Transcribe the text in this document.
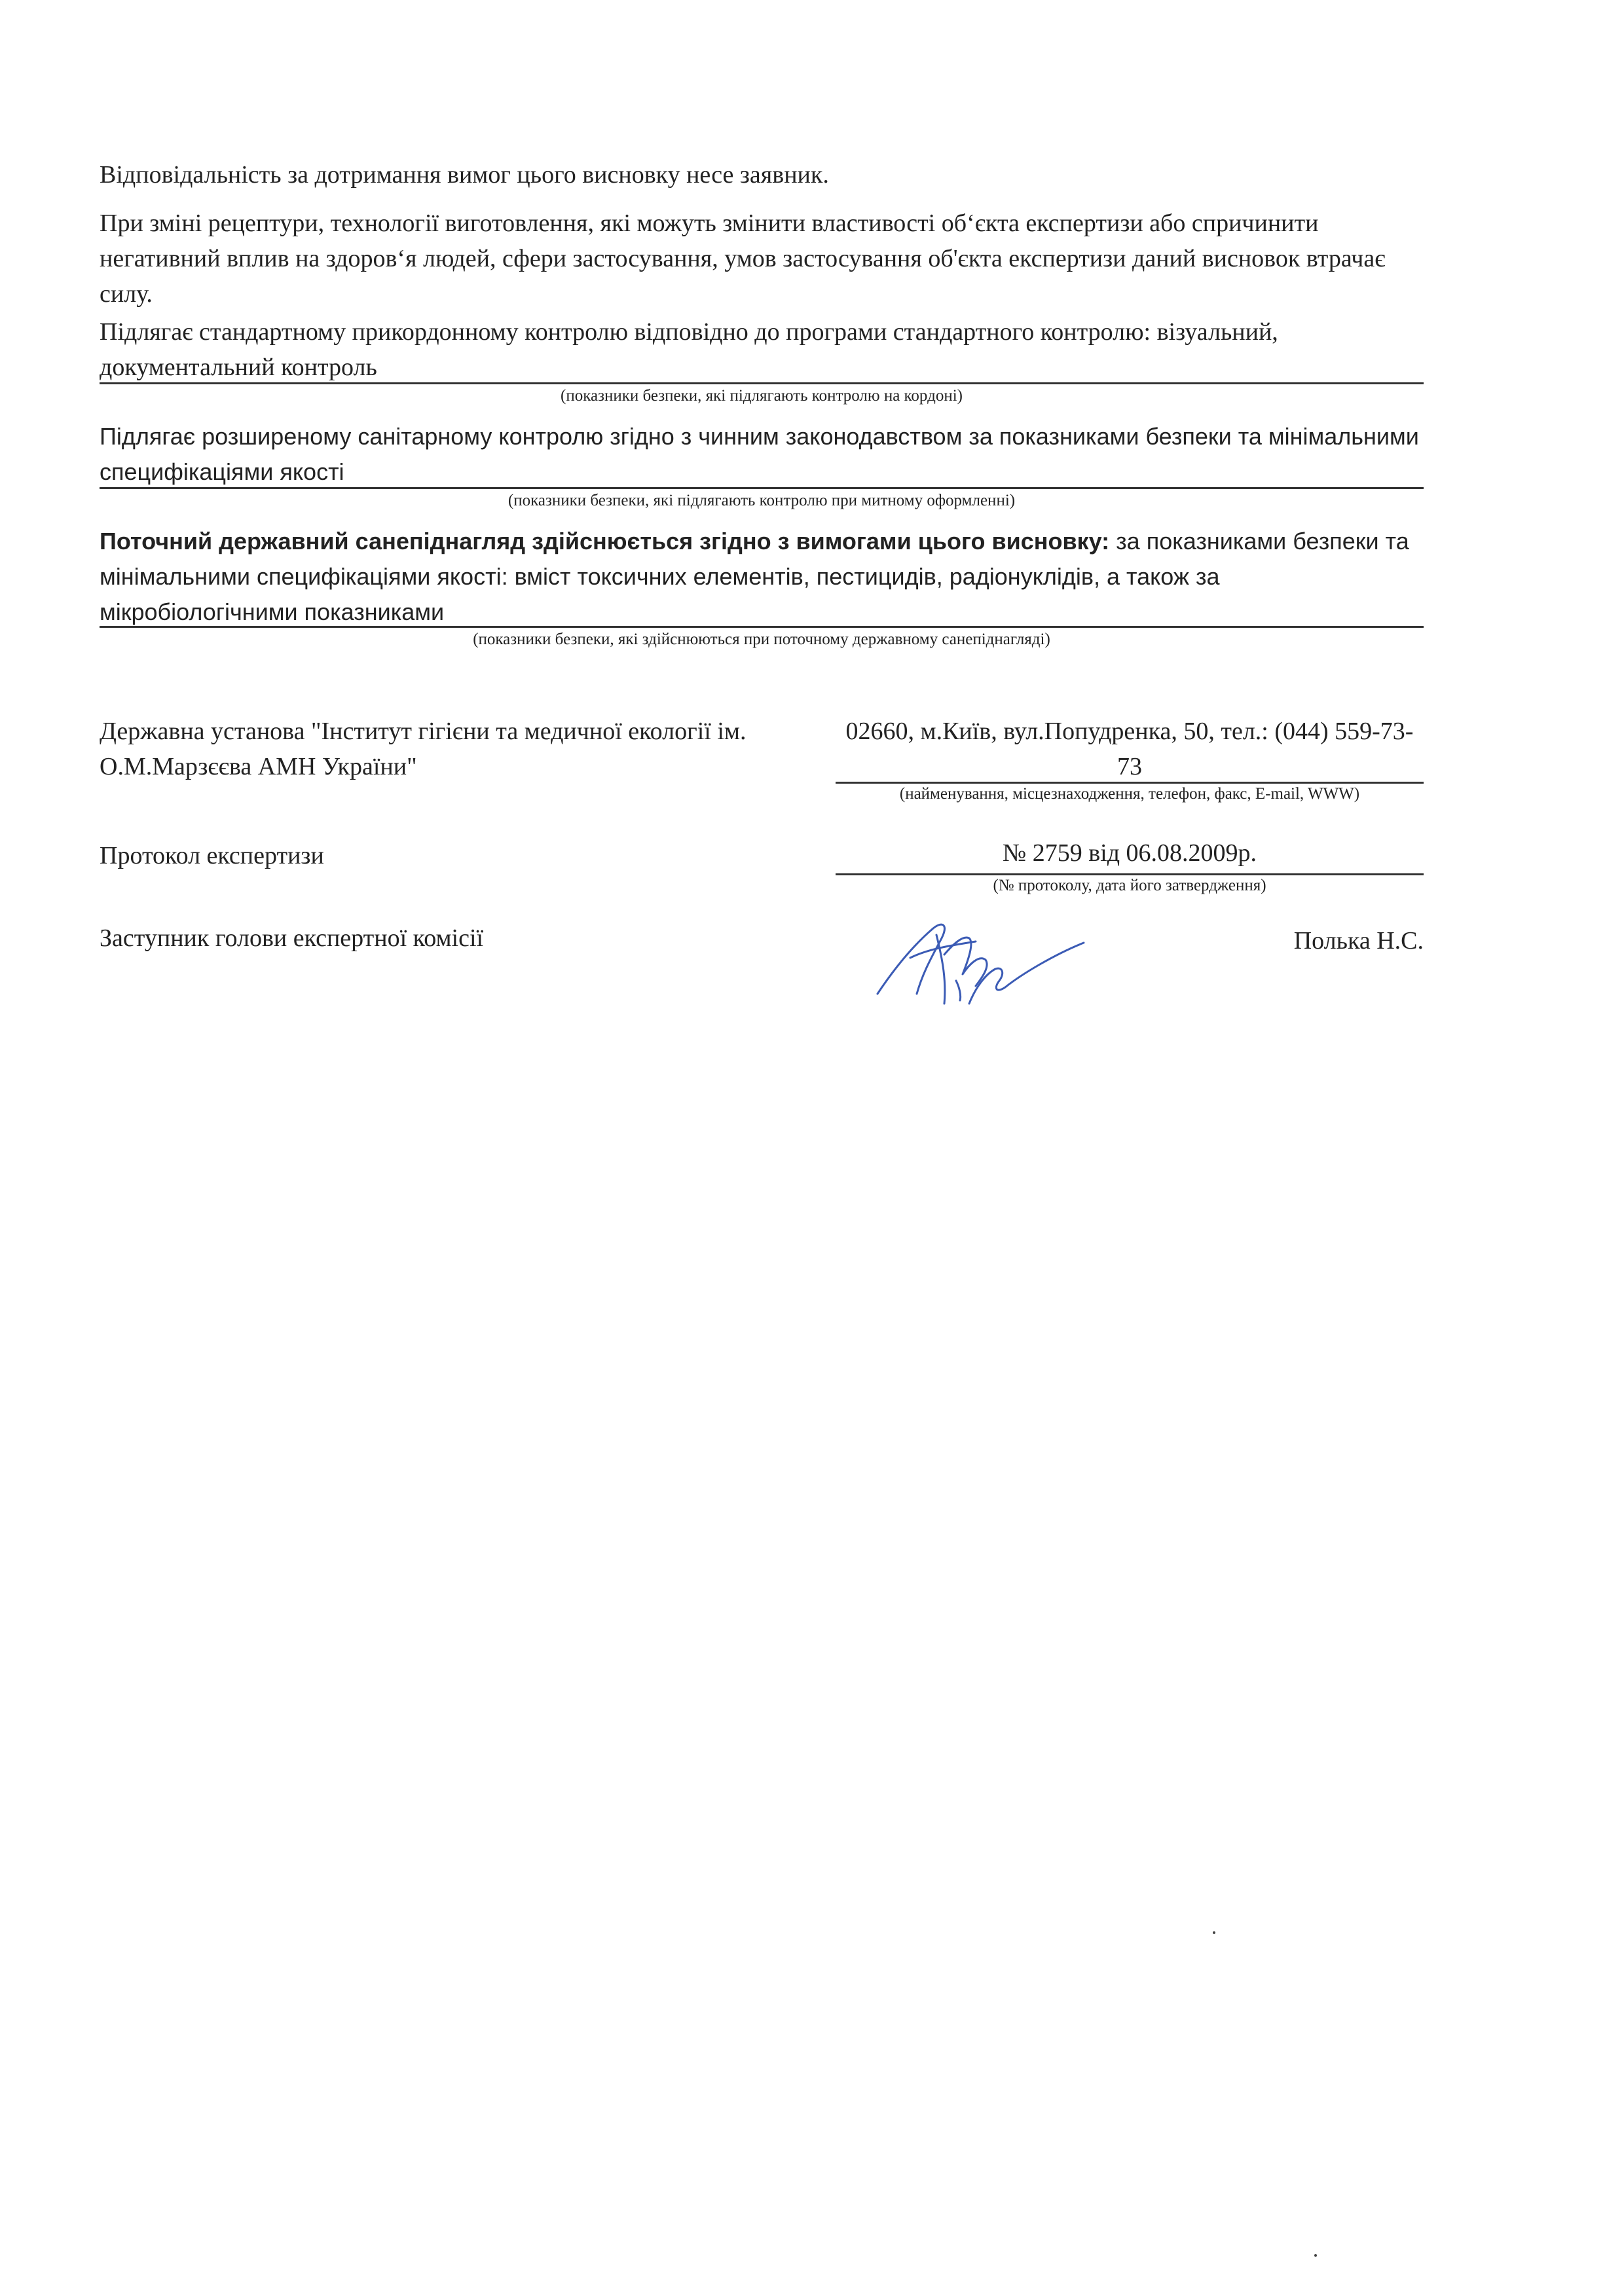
Відповідальність за дотримання вимог цього висновку несе заявник.

При зміні рецептури, технології виготовлення, які можуть змінити властивості об‘єкта експертизи або спричинити негативний вплив на здоров‘я людей, сфери застосування, умов застосування об'єкта експертизи даний висновок втрачає силу.

Підлягає стандартному прикордонному контролю відповідно до програми стандартного контролю: візуальний, документальний контроль

(показники безпеки, які підлягають контролю на кордоні)

Підлягає розширеному санітарному контролю згідно з чинним законодавством за показниками безпеки та мінімальними специфікаціями якості

(показники безпеки, які підлягають контролю при митному оформленні)

Поточний державний санепіднагляд здійснюється згідно з вимогами цього висновку: за показниками безпеки та мінімальними специфікаціями якості: вміст токсичних елементів, пестицидів, радіонуклідів, а також за мікробіологічними показниками

(показники безпеки, які здійснюються при поточному державному санепіднагляді)
Державна установа "Інститут гігієни та медичної екології ім. О.М.Марзєєва АМН України"
02660, м.Київ, вул.Попудренка, 50, тел.: (044) 559-73-73
(найменування, місцезнаходження, телефон, факс, E-mail, WWW)
Протокол експертизи	№ 2759 від 06.08.2009р.
(№ протоколу, дата його затвердження)
Заступник голови експертної комісії	Полька Н.С.
